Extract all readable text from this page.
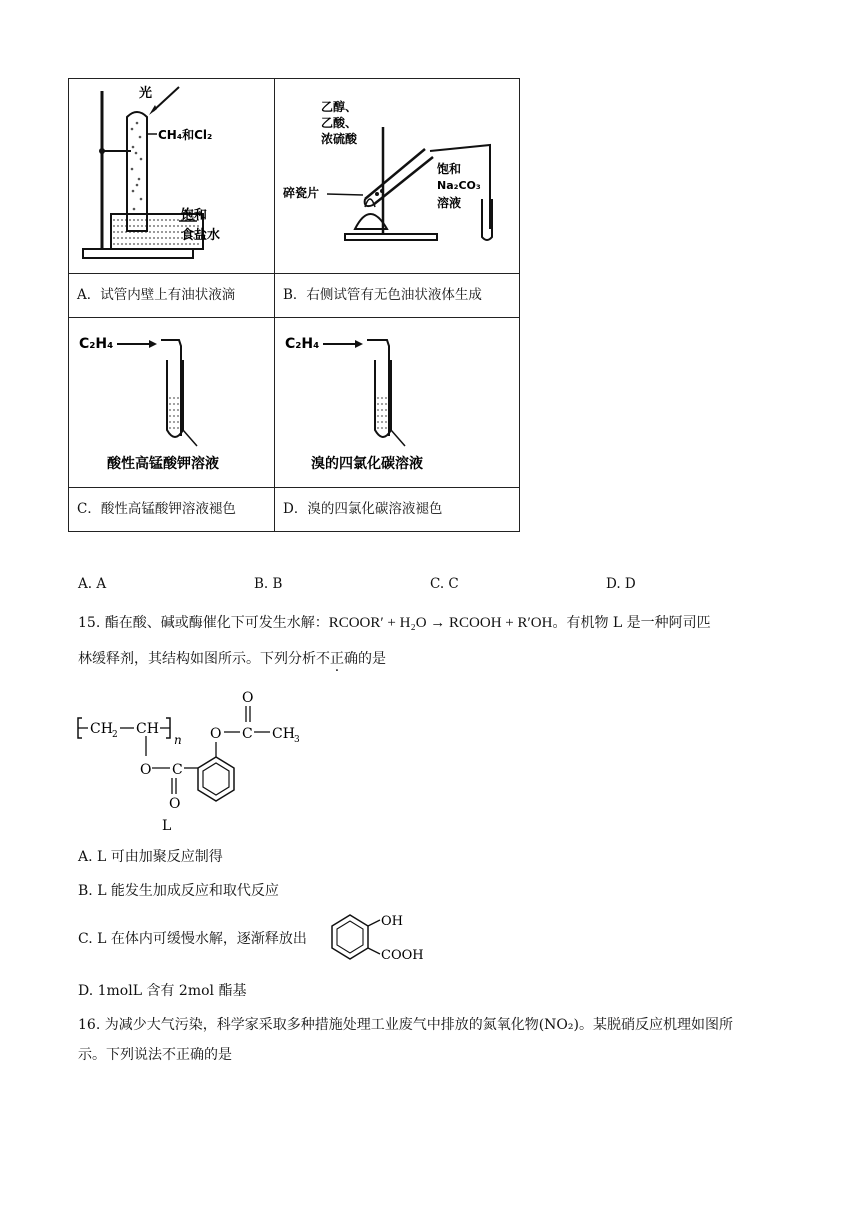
光
CH₄和Cl₂
饱和
食盐水
乙醇、
乙酸、
浓硫酸
饱和
Na₂CO₃
溶液
碎瓷片
A．试管内壁上有油状液滴	B．右侧试管有无色油状液体生成
C₂H₄
酸性高锰酸钾溶液
C₂H₄
溴的四氯化碳溶液
C．酸性高锰酸钾溶液褪色	D．溴的四氯化碳溶液褪色
A. A	B. B	C. C	D. D
15. 酯在酸、碱或酶催化下可发生水解：RCOOR′ + H₂O → RCOOH + R′OH。有机物 L 是一种阿司匹
林缓释剂，其结构如图所示。下列分析不正确的是
CH 2 CH
n
O C
O
O C
O
CH 3
L
A. L 可由加聚反应制得
B. L 能发生加成反应和取代反应
C. L 在体内可缓慢水解，逐渐释放出
OH
COOH
D. 1molL 含有 2mol 酯基
16. 为减少大气污染，科学家采取多种措施处理工业废气中排放的氮氧化物(NO₂)。某脱硝反应机理如图所
示。下列说法不正确的是
